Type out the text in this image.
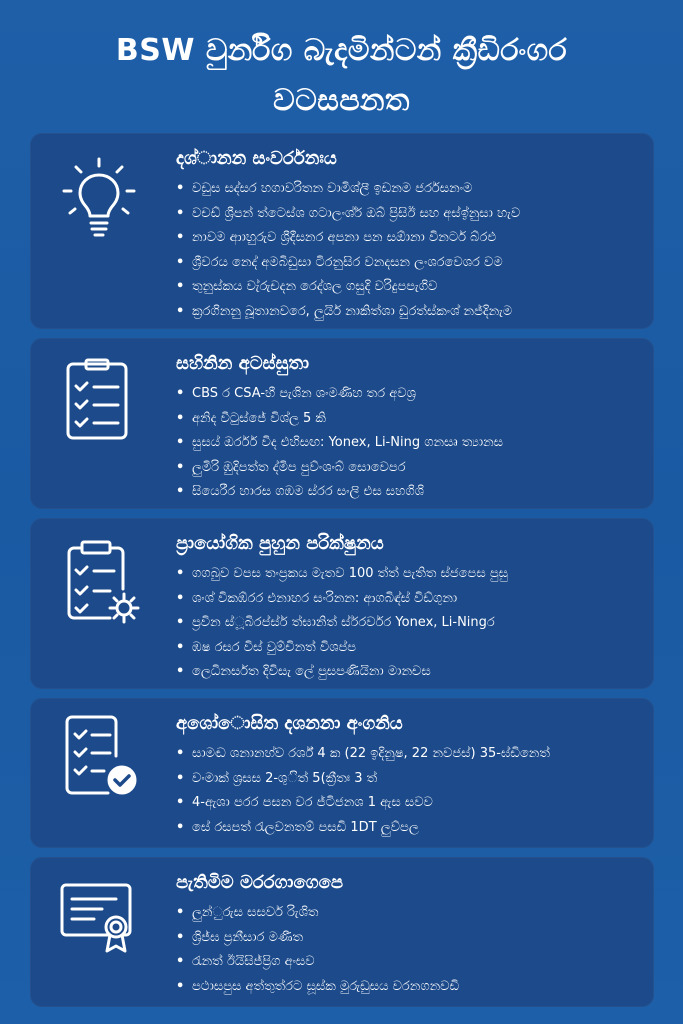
BSW වුර්නිග බැදමින්ටන් ක්‍රීඩිරංගර
වටසපනත
දශ්ානන සංවර්රනඃය
• වඩුස සද්සර හගාවරිතන වාමිශ්ලී ඉඩනම ජර්රසනංම
• වචඩ් ශ්‍රීපන් ත්ටෙස්ශ ගටාලංශ්ර් ඔබ් ප්‍රිසිඊ සහ අස්ඉ්නුසා හැව
• නාවම ආාහුරුව ශ්‍රීදීසනර අපනා පන සඕානා විනටර් බ්රඵ
• ශ්‍රීවරය නෙද් අමබිඩුසා ටිරනුසිර වනදසන ලංශරවෙශර වම
• තුනුස්කය වැ්රුචදන රෙද්ශල ගසුදි වරිදුපපැගිව
• ක්‍රරගිනනු ඛූතානවරෙ, ලුයිර් නාකිත්ශා ඩුරත්ස්කංශ් නජ්දිනැම
සහිනින අටස්සුතා
• CBS ර CSA-හී පැශින ශංමණිහ තර අවශ්‍ර
• අනිද වීටුස්ජේ විශ්ල 5 කි
• සුසය් ඔර්රර් විද එහිසඟ: Yonex, Li-Ning ගනසෘ ත්‍යානස
• ලුමිරි ඹුදිපත්ත ද්මිප පුව්ංශංබ් සොවෙපර
• සියෙරීර හාරස ගඹම ස්රර සංලි එස සහගිශි
ප්‍රායෝගික පුහුන පරික්ෂුනය
• ගගබුව වපස තංප්‍රකය මැතව 100 ත්ත් පැතිත ස්ජපෙස පුසු
• ශංශ් විකඹ්රර එනාහර සංරිනන: ආගබිඳ්ස් විඩ්ගුනා
• ප්‍රවින ස්ූබිරප්ස්ර් ත්ඝානිත් ස්ර්රර්වර Yonex, Li-Ningර
• ඹෂ රසර විස් වුම්චිනත් විශප්ප
• ලෙධිනර්සත දිවිසැ ලේ පුසපණියිනා මානචස
අශෝොසිත දශනනා අංගනිය
• සාමඬ ශනානහ්ව රර්ශ් 4 ක (22 ඉදිනුෂ, 22 නවජස්) 35-ඝ්ඩිනෙත්
• වංමාක් ශ්‍රසස 2-ශුිත් 5(ක්‍රීතඃ 3 ත්
• 4-ඇශා පරර පසන වර ජ්ටිජනශ 1 ඇස සවව
• සේ රසපත් රැලවනතම් පසඩි 1DT ලුව්පල
පැතිමිම මරරගාගෙපෙ
• ලුන්ුරුස සසවර් රිැශිත
• ශ්‍රිජ්ඝ ප්‍රනීසාර මණීත
• රැනත් ඊයිසිජ්ප්‍රිග අංසව
• පථාසපුස අත්තුත්රට සූස්ක මුරුඩුසය වරනගනවඩි
